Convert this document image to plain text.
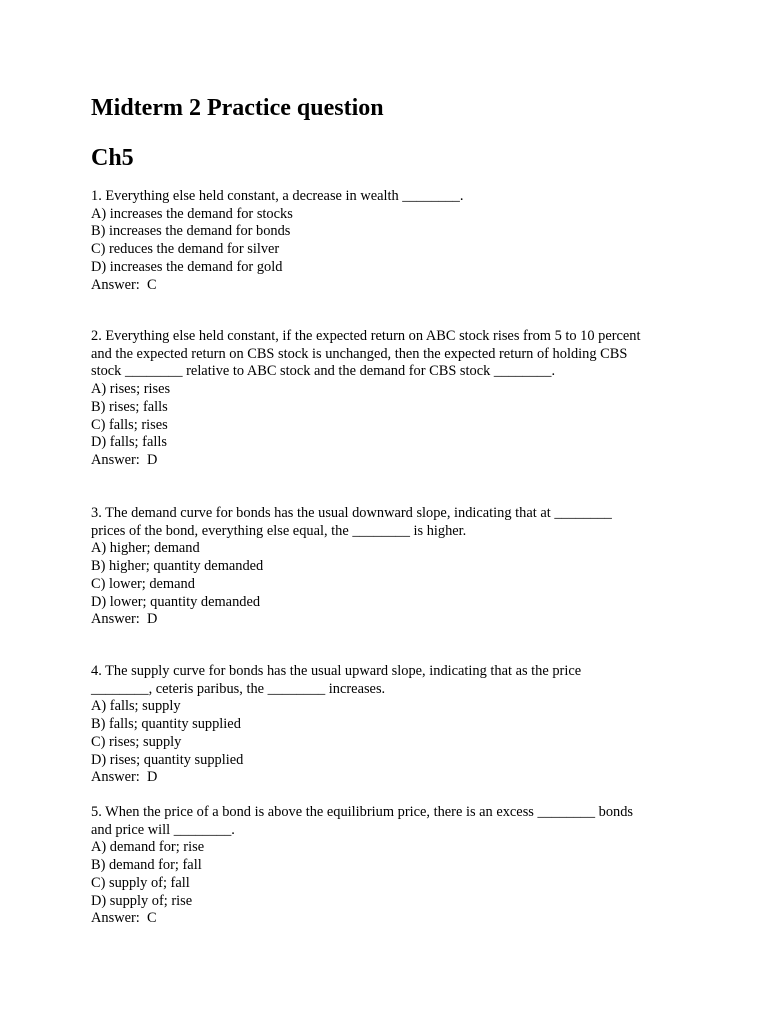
Midterm 2 Practice question
Ch5
1. Everything else held constant, a decrease in wealth ________.
A) increases the demand for stocks
B) increases the demand for bonds
C) reduces the demand for silver
D) increases the demand for gold
Answer:  C
2. Everything else held constant, if the expected return on ABC stock rises from 5 to 10 percent
and the expected return on CBS stock is unchanged, then the expected return of holding CBS
stock ________ relative to ABC stock and the demand for CBS stock ________.
A) rises; rises
B) rises; falls
C) falls; rises
D) falls; falls
Answer:  D
3. The demand curve for bonds has the usual downward slope, indicating that at ________
prices of the bond, everything else equal, the ________ is higher.
A) higher; demand
B) higher; quantity demanded
C) lower; demand
D) lower; quantity demanded
Answer:  D
4. The supply curve for bonds has the usual upward slope, indicating that as the price
________, ceteris paribus, the ________ increases.
A) falls; supply
B) falls; quantity supplied
C) rises; supply
D) rises; quantity supplied
Answer:  D
5. When the price of a bond is above the equilibrium price, there is an excess ________ bonds
and price will ________.
A) demand for; rise
B) demand for; fall
C) supply of; fall
D) supply of; rise
Answer:  C
